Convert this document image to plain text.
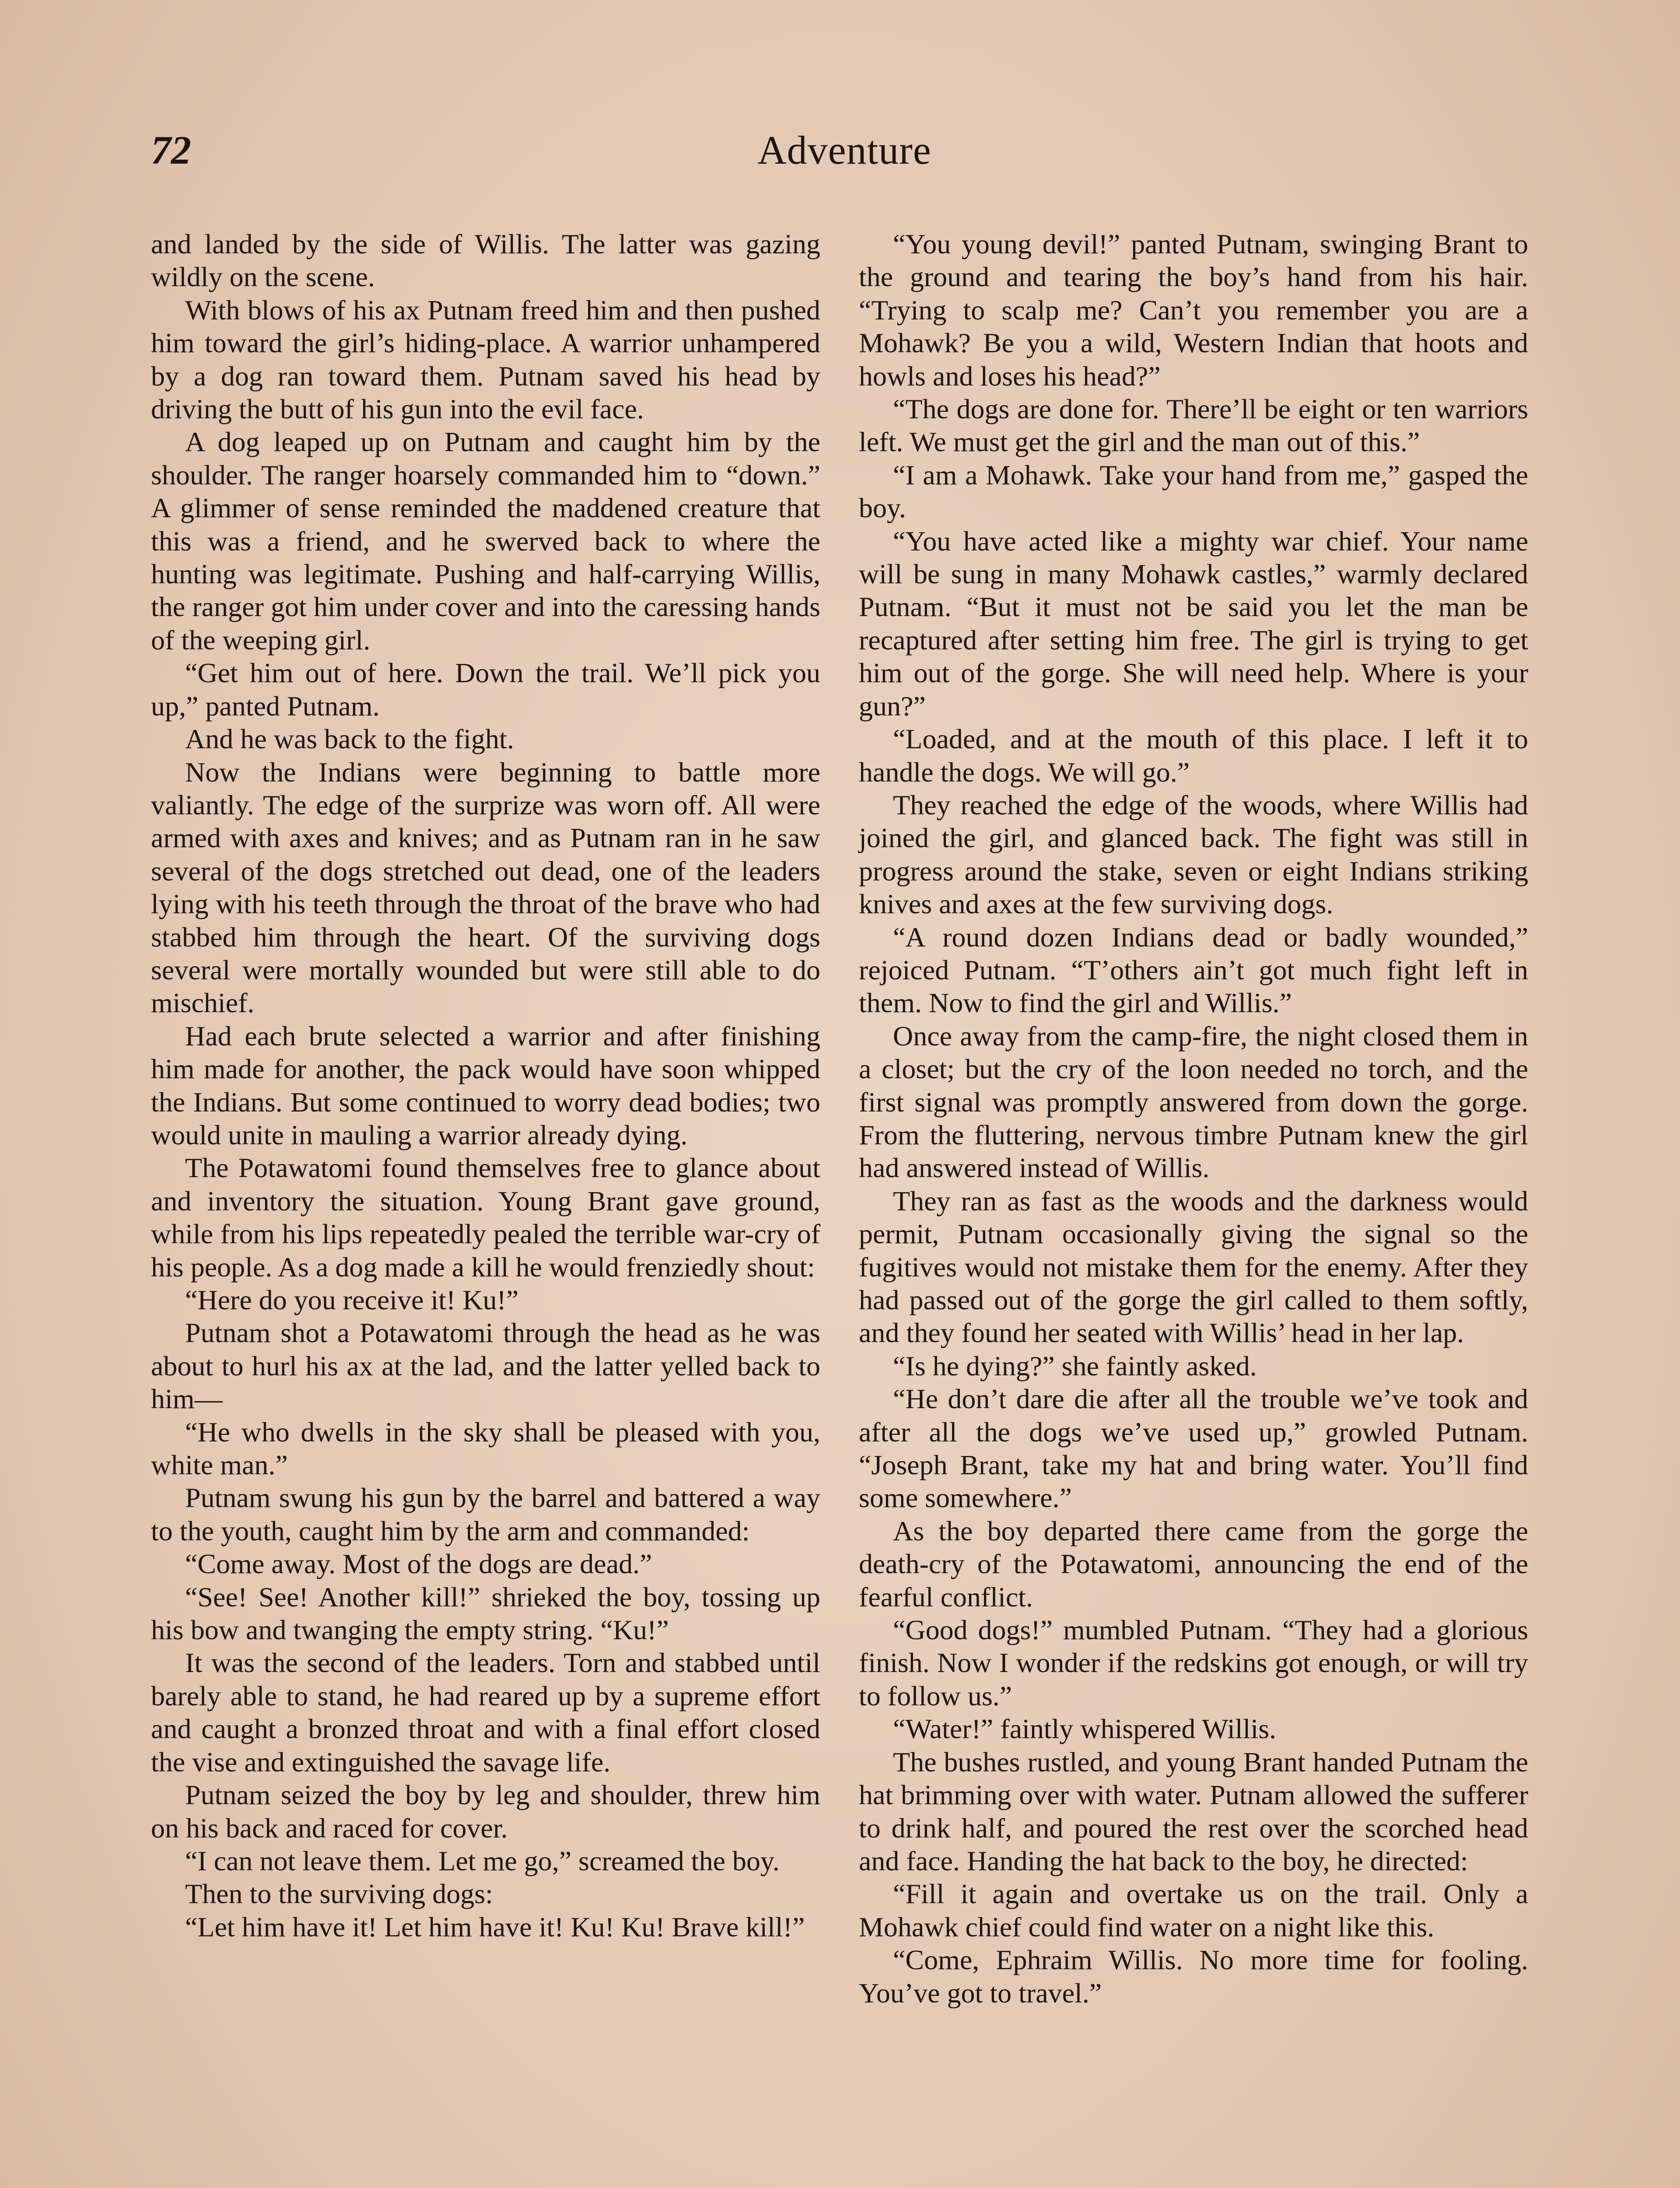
72	Adventure

and landed by the side of Willis. The latter was gazing wildly on the scene.

With blows of his ax Putnam freed him and then pushed him toward the girl’s hiding-place. A warrior unhampered by a dog ran toward them. Putnam saved his head by driving the butt of his gun into the evil face.

A dog leaped up on Putnam and caught him by the shoulder. The ranger hoarsely commanded him to “down.” A glimmer of sense reminded the maddened creature that this was a friend, and he swerved back to where the hunting was legitimate. Pushing and half-carrying Willis, the ranger got him under cover and into the caressing hands of the weeping girl.

“Get him out of here. Down the trail. We’ll pick you up,” panted Putnam.

And he was back to the fight.

Now the Indians were beginning to battle more valiantly. The edge of the surprize was worn off. All were armed with axes and knives; and as Putnam ran in he saw several of the dogs stretched out dead, one of the leaders lying with his teeth through the throat of the brave who had stabbed him through the heart. Of the surviving dogs several were mortally wounded but were still able to do mischief.

Had each brute selected a warrior and after finishing him made for another, the pack would have soon whipped the Indians. But some continued to worry dead bodies; two would unite in mauling a warrior already dying.

The Potawatomi found themselves free to glance about and inventory the situation. Young Brant gave ground, while from his lips repeatedly pealed the terrible war-cry of his people. As a dog made a kill he would frenziedly shout:

“Here do you receive it! Ku!”

Putnam shot a Potawatomi through the head as he was about to hurl his ax at the lad, and the latter yelled back to him—

“He who dwells in the sky shall be pleased with you, white man.”

Putnam swung his gun by the barrel and battered a way to the youth, caught him by the arm and commanded:

“Come away. Most of the dogs are dead.”

“See! See! Another kill!” shrieked the boy, tossing up his bow and twanging the empty string. “Ku!”

It was the second of the leaders. Torn and stabbed until barely able to stand, he had reared up by a supreme effort and caught a bronzed throat and with a final effort closed the vise and extinguished the savage life.

Putnam seized the boy by leg and shoulder, threw him on his back and raced for cover.

“I can not leave them. Let me go,” screamed the boy.

Then to the surviving dogs:

“Let him have it! Let him have it! Ku! Ku! Brave kill!”

“You young devil!” panted Putnam, swinging Brant to the ground and tearing the boy’s hand from his hair. “Trying to scalp me? Can’t you remember you are a Mohawk? Be you a wild, Western Indian that hoots and howls and loses his head?”

“The dogs are done for. There’ll be eight or ten warriors left. We must get the girl and the man out of this.”

“I am a Mohawk. Take your hand from me,” gasped the boy.

“You have acted like a mighty war chief. Your name will be sung in many Mohawk castles,” warmly declared Putnam. “But it must not be said you let the man be recaptured after setting him free. The girl is trying to get him out of the gorge. She will need help. Where is your gun?”

“Loaded, and at the mouth of this place. I left it to handle the dogs. We will go.”

They reached the edge of the woods, where Willis had joined the girl, and glanced back. The fight was still in progress around the stake, seven or eight Indians striking knives and axes at the few surviving dogs.

“A round dozen Indians dead or badly wounded,” rejoiced Putnam. “T’others ain’t got much fight left in them. Now to find the girl and Willis.”

Once away from the camp-fire, the night closed them in a closet; but the cry of the loon needed no torch, and the first signal was promptly answered from down the gorge. From the fluttering, nervous timbre Putnam knew the girl had answered instead of Willis.

They ran as fast as the woods and the darkness would permit, Putnam occasionally giving the signal so the fugitives would not mistake them for the enemy. After they had passed out of the gorge the girl called to them softly, and they found her seated with Willis’ head in her lap.

“Is he dying?” she faintly asked.

“He don’t dare die after all the trouble we’ve took and after all the dogs we’ve used up,” growled Putnam. “Joseph Brant, take my hat and bring water. You’ll find some somewhere.”

As the boy departed there came from the gorge the death-cry of the Potawatomi, announcing the end of the fearful conflict.

“Good dogs!” mumbled Putnam. “They had a glorious finish. Now I wonder if the redskins got enough, or will try to follow us.”

“Water!” faintly whispered Willis.

The bushes rustled, and young Brant handed Putnam the hat brimming over with water. Putnam allowed the sufferer to drink half, and poured the rest over the scorched head and face. Handing the hat back to the boy, he directed:

“Fill it again and overtake us on the trail. Only a Mohawk chief could find water on a night like this.

“Come, Ephraim Willis. No more time for fooling. You’ve got to travel.”
